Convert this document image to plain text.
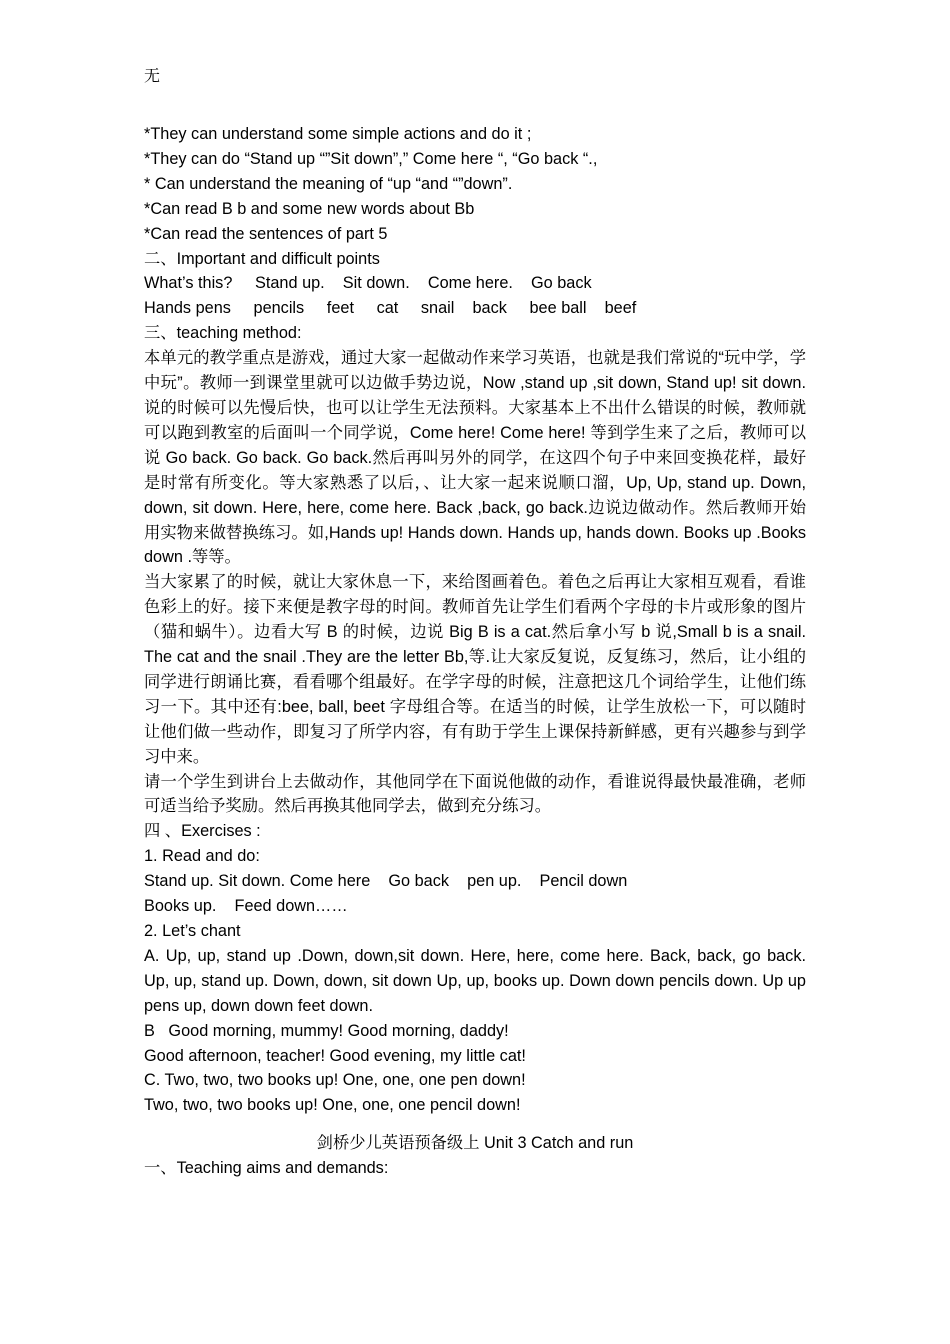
无
*They can understand some simple actions and do it ;
*They can do “Stand up “”Sit down”,” Come here “, “Go back “.,
* Can understand the meaning of “up “and “”down”.
*Can read B b and some new words about Bb
*Can read the sentences of part 5
二、Important and difficult points
What’s this?     Stand up.    Sit down.    Come here.    Go back
Hands pens     pencils     feet     cat     snail    back     bee ball    beef
三、teaching method:
本单元的教学重点是游戏，通过大家一起做动作来学习英语，也就是我们常说的“玩中学，学中玩”。教师一到课堂里就可以边做手势边说，Now ,stand up ,sit down, Stand up! sit down.说的时候可以先慢后快，也可以让学生无法预料。大家基本上不出什么错误的时候，教师就可以跑到教室的后面叫一个同学说，Come here! Come here! 等到学生来了之后，教师可以说 Go back. Go back. Go back.然后再叫另外的同学，在这四个句子中来回变换花样，最好是时常有所变化。等大家熟悉了以后，、让大家一起来说顺口溜，Up, Up, stand up. Down, down, sit down. Here, here, come here. Back ,back, go back.边说边做动作。然后教师开始用实物来做替换练习。如,Hands up! Hands down. Hands up, hands down. Books up .Books down .等等。
当大家累了的时候，就让大家休息一下，来给图画着色。着色之后再让大家相互观看，看谁色彩上的好。接下来便是教字母的时间。教师首先让学生们看两个字母的卡片或形象的图片（猫和蜗牛）。边看大写 B 的时候，边说 Big B is a cat.然后拿小写 b 说,Small b is a snail. The cat and the snail .They are the letter Bb,等.让大家反复说，反复练习，然后，让小组的同学进行朗诵比赛，看看哪个组最好。在学字母的时候，注意把这几个词给学生，让他们练习一下。其中还有:bee, ball, beet 字母组合等。在适当的时候，让学生放松一下，可以随时让他们做一些动作，即复习了所学内容，有有助于学生上课保持新鲜感，更有兴趣参与到学习中来。
请一个学生到讲台上去做动作，其他同学在下面说他做的动作，看谁说得最快最准确，老师可适当给予奖励。然后再换其他同学去，做到充分练习。
四 、Exercises :
1. Read and do:
Stand up. Sit down. Come here    Go back    pen up.    Pencil down
Books up.    Feed down……
2. Let’s chant
A. Up, up, stand up .Down, down,sit down. Here, here, come here. Back, back, go back. Up, up, stand up. Down, down, sit down Up, up, books up. Down down pencils down. Up up pens up, down down feet down.
B   Good morning, mummy! Good morning, daddy!
Good afternoon, teacher! Good evening, my little cat!
C. Two, two, two books up! One, one, one pen down!
Two, two, two books up! One, one, one pencil down!
剑桥少儿英语预备级上 Unit 3 Catch and run
一、Teaching aims and demands:
